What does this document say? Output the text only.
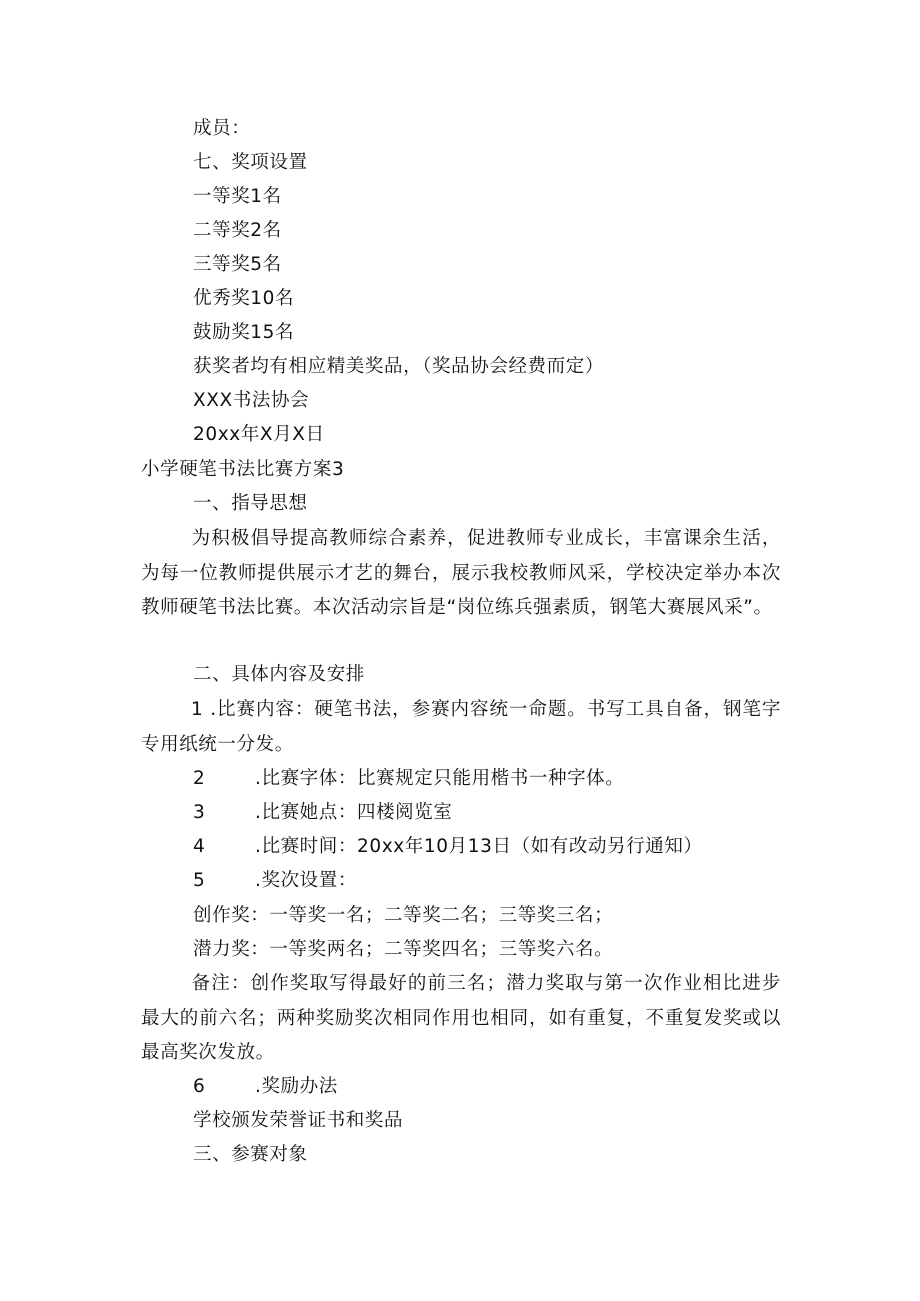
成员：
七、奖项设置
一等奖1名
二等奖2名
三等奖5名
优秀奖10名
鼓励奖15名
获奖者均有相应精美奖品，（奖品协会经费而定）
XXX书法协会
20xx年X月X日
小学硬笔书法比赛方案3
一、指导思想
为积极倡导提高教师综合素养，促进教师专业成长，丰富课余生活，为每一位教师提供展示才艺的舞台，展示我校教师风采，学校决定举办本次教师硬笔书法比赛。本次活动宗旨是“岗位练兵强素质，钢笔大赛展风采”。
二、具体内容及安排
1 .比赛内容：硬笔书法，参赛内容统一命题。书写工具自备，钢笔字专用纸统一分发。
2	.比赛字体：比赛规定只能用楷书一种字体。
3	.比赛她点：四楼阅览室
4	.比赛时间：20xx年10月13日（如有改动另行通知）
5	.奖次设置：
创作奖：一等奖一名；二等奖二名；三等奖三名；
潜力奖：一等奖两名；二等奖四名；三等奖六名。
备注：创作奖取写得最好的前三名；潜力奖取与第一次作业相比进步最大的前六名；两种奖励奖次相同作用也相同，如有重复，不重复发奖或以最高奖次发放。
6	.奖励办法
学校颁发荣誉证书和奖品
三、参赛对象
